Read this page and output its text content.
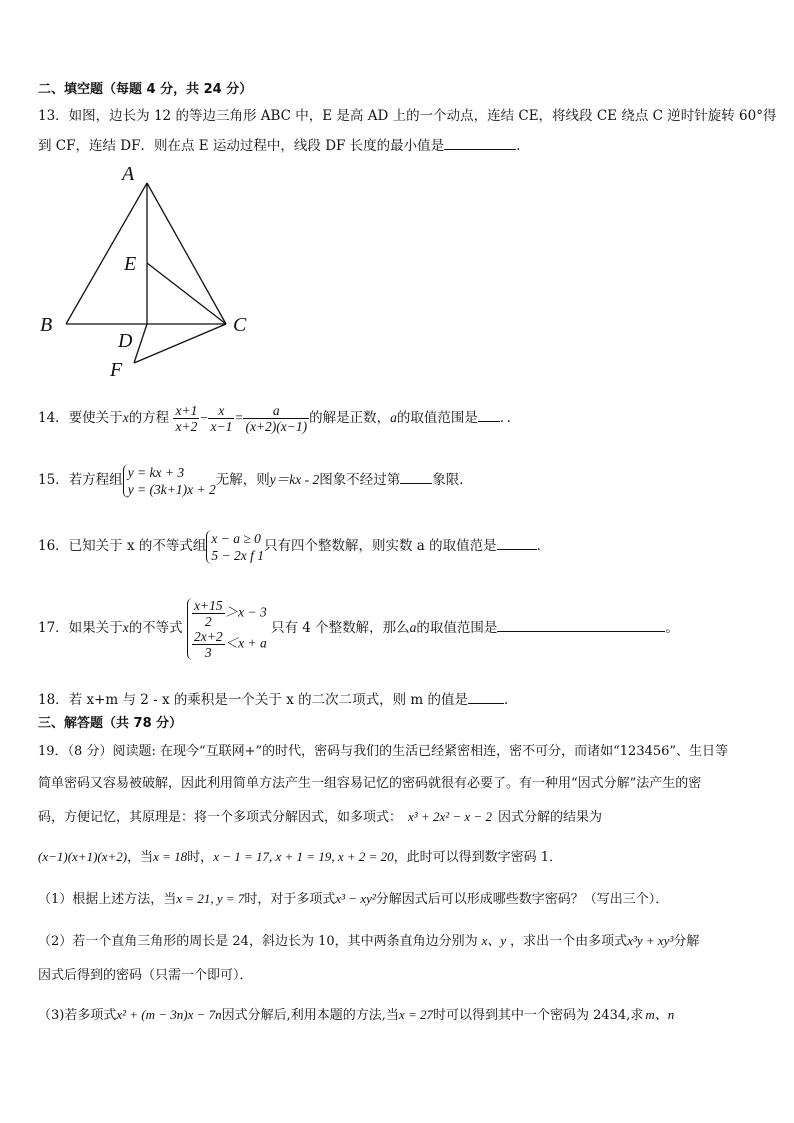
二、填空题（每题 4 分，共 24 分）
13．如图，边长为 12 的等边三角形 ABC 中，E 是高 AD 上的一个动点，连结 CE，将线段 CE 绕点 C 逆时针旋转 60°得
到 CF，连结 DF．则在点 E 运动过程中，线段 DF 长度的最小值是	．
A
B	C
D
E
F
14．要使关于x的方程 $\frac{x+1}{x+2} - \frac{x}{x-1} = \frac{a}{(x+2)(x-1)}$ 的解是正数，a的取值范围是 ．．
15．若方程组 y = kx + 3
y = (3k+1)x + 2
无解，则y＝kx - 2图象不经过第 象限．
16．已知关于 x 的不等式组 x − a ≥ 0
5 − 2x f 1
只有四个整数解，则实数 a 的取值范是	．
17．如果关于x的不等式 $\frac{x+15}{2} >x - 3$
$\frac{2x+2}{3} <x + a$
只有 4 个整数解，那么a的取值范围是	。
18．若 x+m 与 2 - x 的乘积是一个关于 x 的二次二项式，则 m 的值是	．
三、解答题（共 78 分）
19．（8 分）阅读题: 在现今“互联网+”的时代，密码与我们的生活已经紧密相连，密不可分，而诸如“123456”、生日等
简单密码又容易被破解，因此利用简单方法产生一组容易记忆的密码就很有必要了。有一种用“因式分解”法产生的密
码，方便记忆，其原理是：将一个多项式分解因式，如多项式： x³ + 2x² − x − 2 因式分解的结果为
(x−1)(x+1)(x+2)，当x = 18时，x − 1 = 17, x + 1 = 19, x + 2 = 20，此时可以得到数字密码 1．
（1）根据上述方法，当x = 21, y = 7时，对于多项式x³ − xy²分解因式后可以形成哪些数字密码？（写出三个）．
（2）若一个直角三角形的周长是 24，斜边长为 10，其中两条直角边分别为 x、y ，求出一个由多项式x³y + xy³分解
因式后得到的密码（只需一个即可）．
（3)若多项式x² + (m − 3n)x − 7n因式分解后,利用本题的方法,当x = 27时可以得到其中一个密码为 2434,求 m、n
